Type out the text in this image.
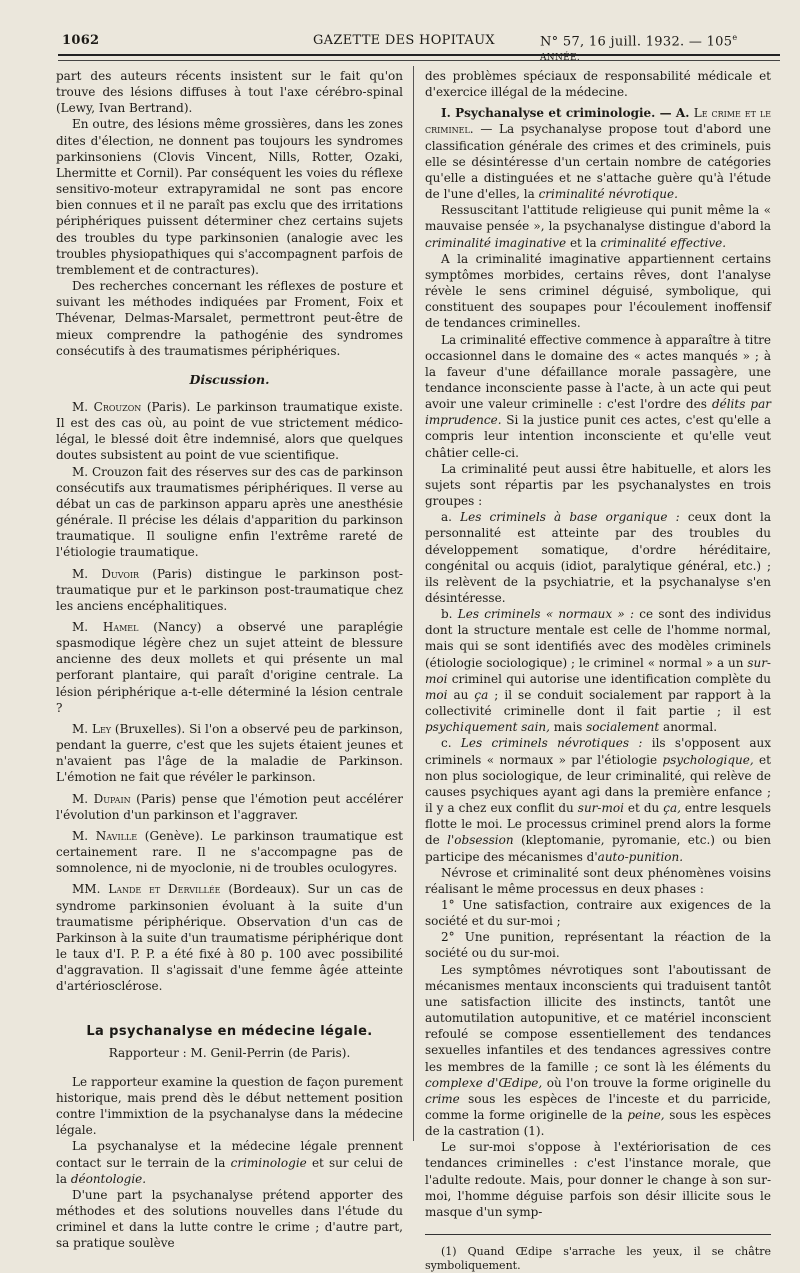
1062	GAZETTE DES HOPITAUX	N° 57, 16 juill. 1932. — 105e ANNÉE.

part des auteurs récents insistent sur le fait qu'on trouve des lésions diffuses à tout l'axe cérébro-spinal (Lewy, Ivan Bertrand).

En outre, des lésions même grossières, dans les zones dites d'élection, ne donnent pas toujours les syndromes parkinsoniens (Clovis Vincent, Nills, Rotter, Ozaki, Lhermitte et Cornil). Par conséquent les voies du réflexe sensitivo-moteur extrapyramidal ne sont pas encore bien connues et il ne paraît pas exclu que des irritations périphériques puissent déterminer chez certains sujets des troubles du type parkinsonien (analogie avec les troubles physiopathiques qui s'accompagnent parfois de tremblement et de contractures).

Des recherches concernant les réflexes de posture et suivant les méthodes indiquées par Froment, Foix et Thévenar, Delmas-Marsalet, permettront peut-être de mieux comprendre la pathogénie des syndromes consécutifs à des traumatismes périphériques.

Discussion.

M. Crouzon (Paris). Le parkinson traumatique existe. Il est des cas où, au point de vue strictement médico-légal, le blessé doit être indemnisé, alors que quelques doutes subsistent au point de vue scientifique.

M. Crouzon fait des réserves sur des cas de parkinson consécutifs aux traumatismes périphériques. Il verse au débat un cas de parkinson apparu après une anesthésie générale. Il précise les délais d'apparition du parkinson traumatique. Il souligne enfin l'extrême rareté de l'étiologie traumatique.

M. Duvoir (Paris) distingue le parkinson post-traumatique pur et le parkinson post-traumatique chez les anciens encéphalitiques.

M. Hamel (Nancy) a observé une paraplégie spasmodique légère chez un sujet atteint de blessure ancienne des deux mollets et qui présente un mal perforant plantaire, qui paraît d'origine centrale. La lésion périphérique a-t-elle déterminé la lésion centrale ?

M. Ley (Bruxelles). Si l'on a observé peu de parkinson, pendant la guerre, c'est que les sujets étaient jeunes et n'avaient pas l'âge de la maladie de Parkinson. L'émotion ne fait que révéler le parkinson.

M. Dupain (Paris) pense que l'émotion peut accélérer l'évolution d'un parkinson et l'aggraver.

M. Naville (Genève). Le parkinson traumatique est certainement rare. Il ne s'accompagne pas de somnolence, ni de myoclonie, ni de troubles oculogyres.

MM. Lande et Dervillée (Bordeaux). Sur un cas de syndrome parkinsonien évoluant à la suite d'un traumatisme périphérique. Observation d'un cas de Parkinson à la suite d'un traumatisme périphérique dont le taux d'I. P. P. a été fixé à 80 p. 100 avec possibilité d'aggravation. Il s'agissait d'une femme âgée atteinte d'artériosclérose.

La psychanalyse en médecine légale.
Rapporteur : M. Genil-Perrin (de Paris).

Le rapporteur examine la question de façon purement historique, mais prend dès le début nettement position contre l'immixtion de la psychanalyse dans la médecine légale.

La psychanalyse et la médecine légale prennent contact sur le terrain de la criminologie et sur celui de la déontologie.

D'une part la psychanalyse prétend apporter des méthodes et des solutions nouvelles dans l'étude du criminel et dans la lutte contre le crime ; d'autre part, sa pratique soulève

des problèmes spéciaux de responsabilité médicale et d'exercice illégal de la médecine.

I. Psychanalyse et criminologie. — A. Le crime et le criminel. — La psychanalyse propose tout d'abord une classification générale des crimes et des criminels, puis elle se désintéresse d'un certain nombre de catégories qu'elle a distinguées et ne s'attache guère qu'à l'étude de l'une d'elles, la criminalité névrotique.

Ressuscitant l'attitude religieuse qui punit même la « mauvaise pensée », la psychanalyse distingue d'abord la criminalité imaginative et la criminalité effective.

A la criminalité imaginative appartiennent certains symptômes morbides, certains rêves, dont l'analyse révèle le sens criminel déguisé, symbolique, qui constituent des soupapes pour l'écoulement inoffensif de tendances criminelles.

La criminalité effective commence à apparaître à titre occasionnel dans le domaine des « actes manqués » ; à la faveur d'une défaillance morale passagère, une tendance inconsciente passe à l'acte, à un acte qui peut avoir une valeur criminelle : c'est l'ordre des délits par imprudence. Si la justice punit ces actes, c'est qu'elle a compris leur intention inconsciente et qu'elle veut châtier celle-ci.

La criminalité peut aussi être habituelle, et alors les sujets sont répartis par les psychanalystes en trois groupes :

a. Les criminels à base organique : ceux dont la personnalité est atteinte par des troubles du développement somatique, d'ordre héréditaire, congénital ou acquis (idiot, paralytique général, etc.) ; ils relèvent de la psychiatrie, et la psychanalyse s'en désintéresse.

b. Les criminels « normaux » : ce sont des individus dont la structure mentale est celle de l'homme normal, mais qui se sont identifiés avec des modèles criminels (étiologie sociologique) ; le criminel « normal » a un sur-moi criminel qui autorise une identification complète du moi au ça ; il se conduit socialement par rapport à la collectivité criminelle dont il fait partie ; il est psychiquement sain, mais socialement anormal.

c. Les criminels névrotiques : ils s'opposent aux criminels « normaux » par l'étiologie psychologique, et non plus sociologique, de leur criminalité, qui relève de causes psychiques ayant agi dans la première enfance ; il y a chez eux conflit du sur-moi et du ça, entre lesquels flotte le moi. Le processus criminel prend alors la forme de l'obsession (kleptomanie, pyromanie, etc.) ou bien participe des mécanismes d'auto-punition.

Névrose et criminalité sont deux phénomènes voisins réalisant le même processus en deux phases :

1° Une satisfaction, contraire aux exigences de la société et du sur-moi ;

2° Une punition, représentant la réaction de la société ou du sur-moi.

Les symptômes névrotiques sont l'aboutissant de mécanismes mentaux inconscients qui traduisent tantôt une satisfaction illicite des instincts, tantôt une automutilation autopunitive, et ce matériel inconscient refoulé se compose essentiellement des tendances sexuelles infantiles et des tendances agressives contre les membres de la famille ; ce sont là les éléments du complexe d'Œdipe, où l'on trouve la forme originelle du crime sous les espèces de l'inceste et du parricide, comme la forme originelle de la peine, sous les espèces de la castration (1).

Le sur-moi s'oppose à l'extériorisation de ces tendances criminelles : c'est l'instance morale, que l'adulte redoute. Mais, pour donner le change à son sur-moi, l'homme déguise parfois son désir illicite sous le masque d'un symp-

(1) Quand Œdipe s'arrache les yeux, il se châtre symboliquement.
